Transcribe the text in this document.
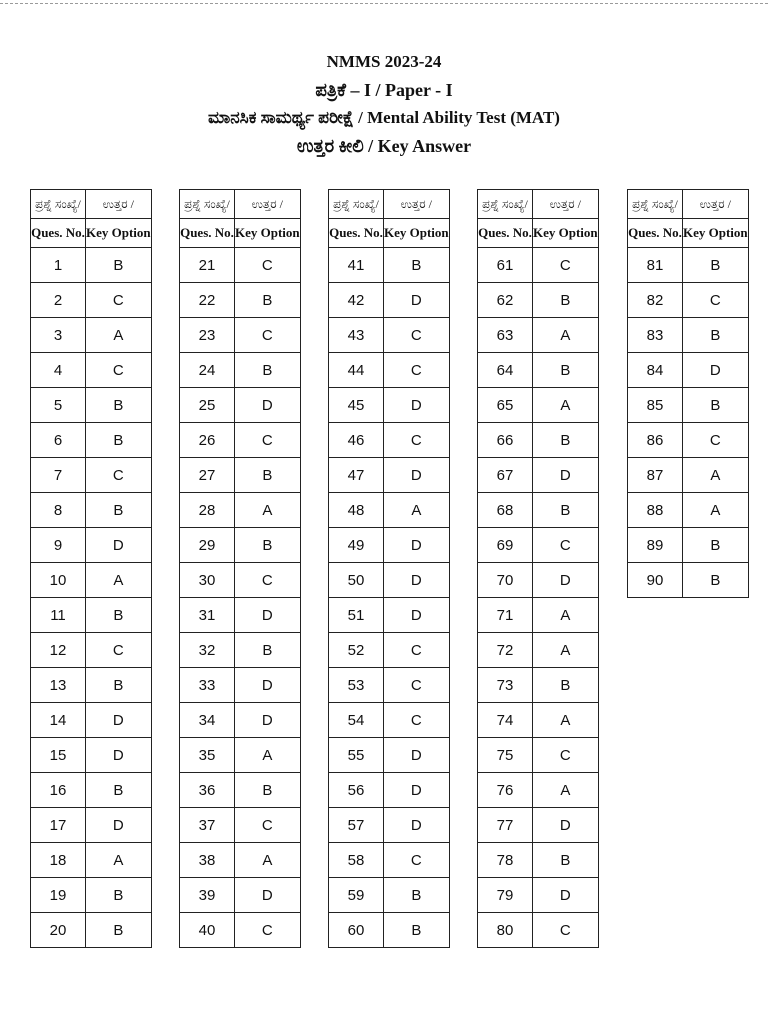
NMMS 2023-24
ಪತ್ರಿಕೆ – I / Paper - I
ಮಾನಸಿಕ ಸಾಮರ್ಥ್ಯ ಪರೀಕ್ಷೆ / Mental Ability Test (MAT)
ಉತ್ತರ ಕೀಲಿ / Key Answer
ಪ್ರಶ್ನೆ ಸಂಖ್ಯೆ/	ಉತ್ತರ /
Ques. No.	Key Option
1	B
2	C
3	A
4	C
5	B
6	B
7	C
8	B
9	D
10	A
11	B
12	C
13	B
14	D
15	D
16	B
17	D
18	A
19	B
20	B
ಪ್ರಶ್ನೆ ಸಂಖ್ಯೆ/	ಉತ್ತರ /
Ques. No.	Key Option
21	C
22	B
23	C
24	B
25	D
26	C
27	B
28	A
29	B
30	C
31	D
32	B
33	D
34	D
35	A
36	B
37	C
38	A
39	D
40	C
ಪ್ರಶ್ನೆ ಸಂಖ್ಯೆ/	ಉತ್ತರ /
Ques. No.	Key Option
41	B
42	D
43	C
44	C
45	D
46	C
47	D
48	A
49	D
50	D
51	D
52	C
53	C
54	C
55	D
56	D
57	D
58	C
59	B
60	B
ಪ್ರಶ್ನೆ ಸಂಖ್ಯೆ/	ಉತ್ತರ /
Ques. No.	Key Option
61	C
62	B
63	A
64	B
65	A
66	B
67	D
68	B
69	C
70	D
71	A
72	A
73	B
74	A
75	C
76	A
77	D
78	B
79	D
80	C
ಪ್ರಶ್ನೆ ಸಂಖ್ಯೆ/	ಉತ್ತರ /
Ques. No.	Key Option
81	B
82	C
83	B
84	D
85	B
86	C
87	A
88	A
89	B
90	B
